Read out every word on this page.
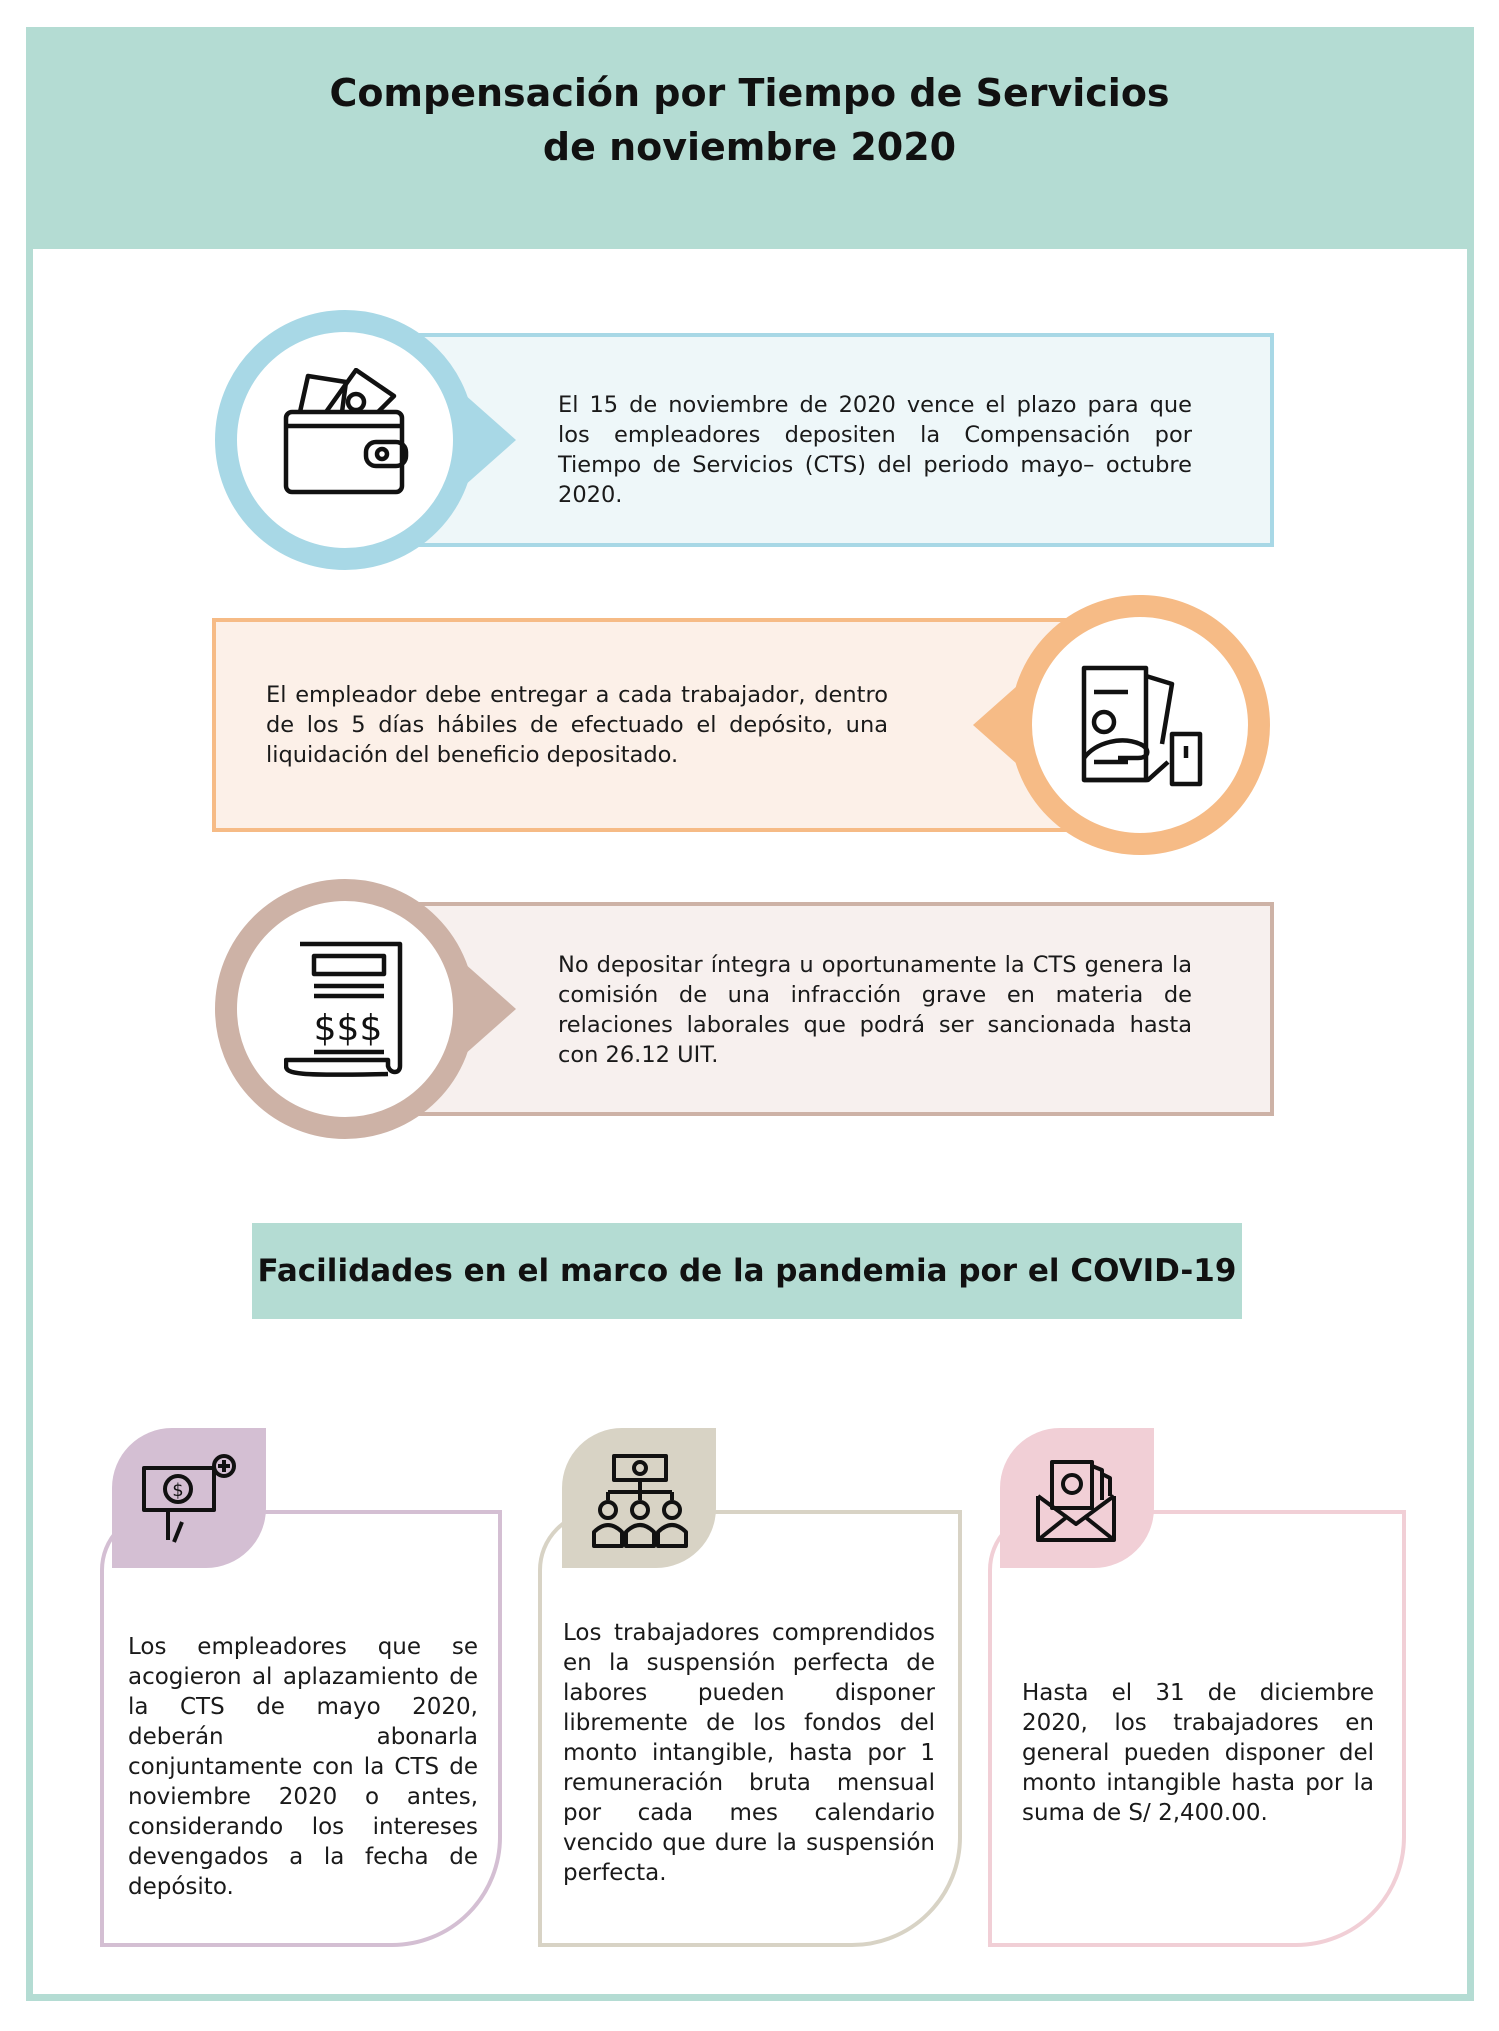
Compensación por Tiempo de Servicios
de noviembre 2020
El 15 de noviembre de 2020 vence el plazo para que los empleadores depositen la Compensación por Tiempo de Servicios (CTS) del periodo mayo– octubre 2020.
El empleador debe entregar a cada trabajador, dentro de los 5 días hábiles de efectuado el depósito, una liquidación del beneficio depositado.
$$$
No depositar íntegra u oportunamente la CTS genera la comisión de una infracción grave en materia de relaciones laborales que podrá ser sancionada hasta con 26.12 UIT.
Facilidades en el marco de la pandemia por el COVID-19
$
Los empleadores que se acogieron al aplazamiento de la CTS de mayo 2020, deberán abonarla conjuntamente con la CTS de noviembre 2020 o antes, considerando los intereses devengados a la fecha de depósito.
Los trabajadores comprendidos en la suspensión perfecta de labores pueden disponer libremente de los fondos del monto intangible, hasta por 1 remuneración bruta mensual por cada mes calendario vencido que dure la suspensión perfecta.
Hasta el 31 de diciembre 2020, los trabajadores en general pueden disponer del monto intangible hasta por la suma de S/ 2,400.00.
